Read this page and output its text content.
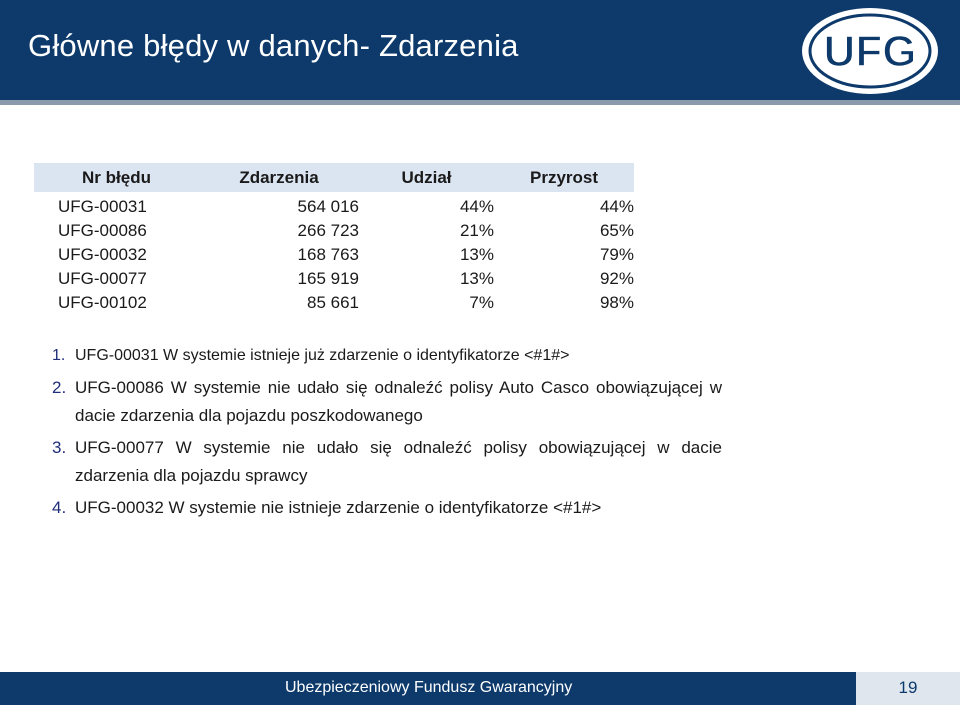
Główne błędy w danych- Zdarzenia	UFG
Nr błędu	Zdarzenia	Udział	Przyrost
UFG-00031	564 016	44%	44%
UFG-00086	266 723	21%	65%
UFG-00032	168 763	13%	79%
UFG-00077	165 919	13%	92%
UFG-00102	85 661	7%	98%
1. UFG-00031 W systemie istnieje już zdarzenie o identyfikatorze <#1#>
2. UFG-00086 W systemie nie udało się odnaleźć polisy Auto Casco obowiązującej w dacie zdarzenia dla pojazdu poszkodowanego
3. UFG-00077 W systemie nie udało się odnaleźć polisy obowiązującej w dacie zdarzenia dla pojazdu sprawcy
4. UFG-00032 W systemie nie istnieje zdarzenie o identyfikatorze <#1#>
Ubezpieczeniowy Fundusz Gwarancyjny	19
